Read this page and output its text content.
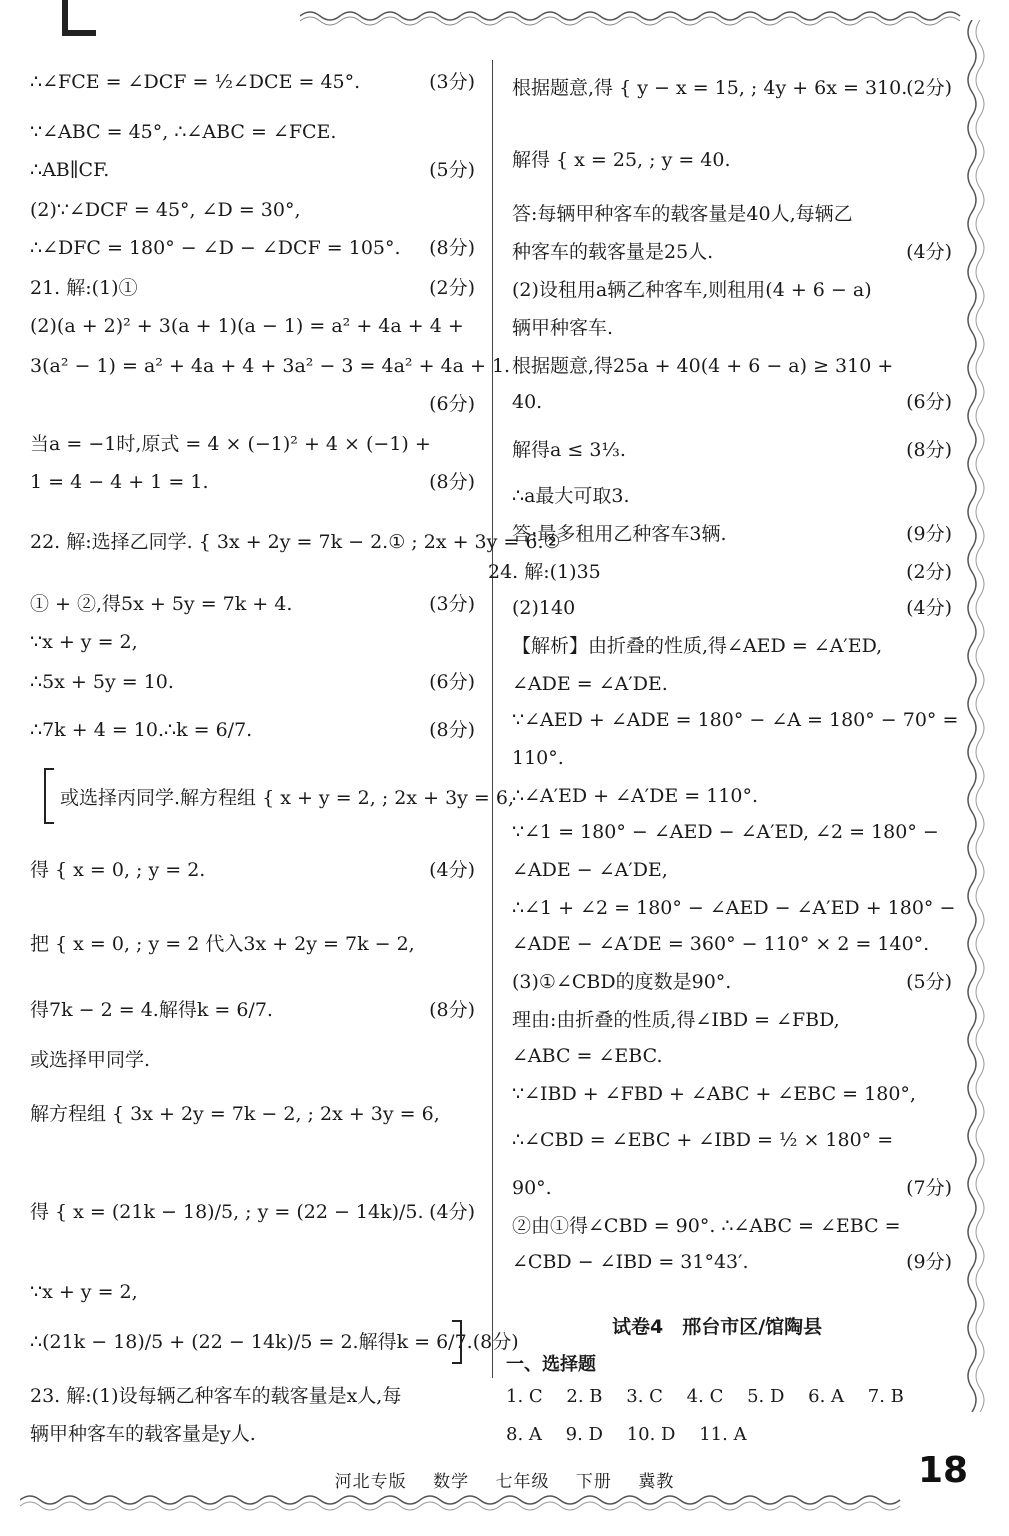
∴∠FCE = ∠DCF = ½∠DCE = 45°.	(3分)
∵∠ABC = 45°, ∴∠ABC = ∠FCE.
∴AB∥CF.	(5分)
(2)∵∠DCF = 45°, ∠D = 30°,
∴∠DFC = 180° − ∠D − ∠DCF = 105°. (8分)
21. 解:(1)①	(2分)
(2)(a + 2)² + 3(a + 1)(a − 1) = a² + 4a + 4 +
3(a² − 1) = a² + 4a + 4 + 3a² − 3 = 4a² + 4a + 1.
(6分)
当a = −1时,原式 = 4 × (−1)² + 4 × (−1) +
1 = 4 − 4 + 1 = 1.	(8分)
22. 解:选择乙同学. { 3x + 2y = 7k − 2.① ; 2x + 3y = 6.②
① + ②,得5x + 5y = 7k + 4.	(3分)
∵x + y = 2,
∴5x + 5y = 10.	(6分)
∴7k + 4 = 10.∴k = 6/7.	(8分)
或选择丙同学.解方程组 { x + y = 2, ; 2x + 3y = 6,
得 { x = 0, ; y = 2.	(4分)
把 { x = 0, ; y = 2 代入3x + 2y = 7k − 2,
得7k − 2 = 4.解得k = 6/7.	(8分)
或选择甲同学.
解方程组 { 3x + 2y = 7k − 2, ; 2x + 3y = 6,
得 { x = (21k − 18)/5, ; y = (22 − 14k)/5. (4分)
∵x + y = 2,
∴(21k − 18)/5 + (22 − 14k)/5 = 2.解得k = 6/7.(8分)
23. 解:(1)设每辆乙种客车的载客量是x人,每
辆甲种客车的载客量是y人.
根据题意,得 { y − x = 15, ; 4y + 6x = 310.
(2分)
解得 { x = 25, ; y = 40.
答:每辆甲种客车的载客量是40人,每辆乙
种客车的载客量是25人.	(4分)
(2)设租用a辆乙种客车,则租用(4 + 6 − a)
辆甲种客车.
根据题意,得25a + 40(4 + 6 − a) ≥ 310 +
40.	(6分)
解得a ≤ 3⅓.	(8分)
∴a最大可取3.
答:最多租用乙种客车3辆.	(9分)
24. 解:(1)35	(2分)
(2)140	(4分)
【解析】由折叠的性质,得∠AED = ∠A′ED,
∠ADE = ∠A′DE.
∵∠AED + ∠ADE = 180° − ∠A = 180° − 70° =
110°.
∴∠A′ED + ∠A′DE = 110°.
∵∠1 = 180° − ∠AED − ∠A′ED, ∠2 = 180° −
∠ADE − ∠A′DE,
∴∠1 + ∠2 = 180° − ∠AED − ∠A′ED + 180° −
∠ADE − ∠A′DE = 360° − 110° × 2 = 140°.
(3)①∠CBD的度数是90°.	(5分)
理由:由折叠的性质,得∠IBD = ∠FBD,
∠ABC = ∠EBC.
∵∠IBD + ∠FBD + ∠ABC + ∠EBC = 180°,
∴∠CBD = ∠EBC + ∠IBD = ½ × 180° =
90°.	(7分)
②由①得∠CBD = 90°. ∴∠ABC = ∠EBC =
∠CBD − ∠IBD = 31°43′.	(9分)
试卷4　邢台市区/馆陶县
一、选择题
1. C 2. B 3. C 4. C 5. D 6. A 7. B
8. A 9. D 10. D 11. A
河北专版 数学 七年级 下册 冀教	18
